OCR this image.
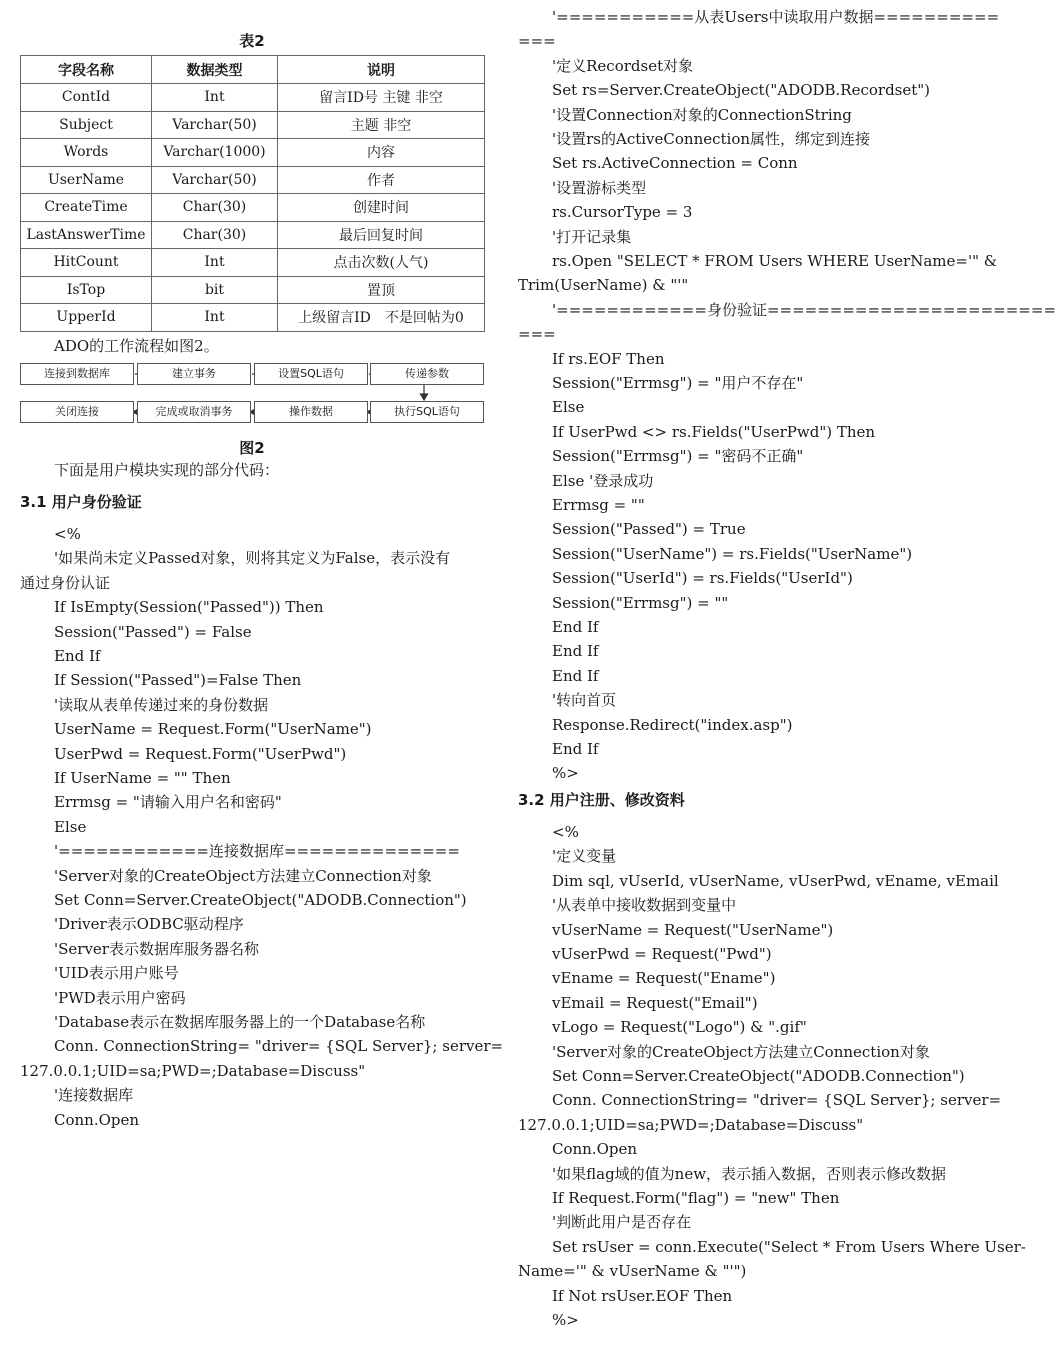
表2
字段名称	数据类型	说明
ContId	Int	留言ID号 主键 非空
Subject	Varchar(50)	主题 非空
Words	Varchar(1000)	内容
UserName	Varchar(50)	作者
CreateTime	Char(30)	创建时间
LastAnswerTime	Char(30)	最后回复时间
HitCount	Int	点击次数(人气)
IsTop	bit	置顶
UpperId	Int	上级留言ID　不是回帖为0
ADO的工作流程如图2。
连接到数据库	建立事务	设置SQL语句	传递参数
关闭连接	完成或取消事务	操作数据	执行SQL语句
图2
下面是用户模块实现的部分代码：
3.1 用户身份验证
<%
'如果尚未定义Passed对象，则将其定义为False，表示没有
通过身份认证
If IsEmpty(Session("Passed")) Then
Session("Passed") = False
End If
If Session("Passed")=False Then
'读取从表单传递过来的身份数据
UserName = Request.Form("UserName")
UserPwd = Request.Form("UserPwd")
If UserName = "" Then
Errmsg = "请输入用户名和密码"
Else
'============连接数据库==============
'Server对象的CreateObject方法建立Connection对象
Set Conn=Server.CreateObject("ADODB.Connection")
'Driver表示ODBC驱动程序
'Server表示数据库服务器名称
'UID表示用户账号
'PWD表示用户密码
'Database表示在数据库服务器上的一个Database名称
Conn. ConnectionString= "driver= {SQL Server}; server=
127.0.0.1;UID=sa;PWD=;Database=Discuss"
'连接数据库
Conn.Open
'===========从表Users中读取用户数据==========
===
'定义Recordset对象
Set rs=Server.CreateObject("ADODB.Recordset")
'设置Connection对象的ConnectionString
'设置rs的ActiveConnection属性，绑定到连接
Set rs.ActiveConnection = Conn
'设置游标类型
rs.CursorType = 3
'打开记录集
rs.Open "SELECT * FROM Users WHERE UserName='" &
Trim(UserName) & "'"
'============身份验证=======================
===
If rs.EOF Then
Session("Errmsg") = "用户不存在"
Else
If UserPwd <> rs.Fields("UserPwd") Then
Session("Errmsg") = "密码不正确"
Else '登录成功
Errmsg = ""
Session("Passed") = True
Session("UserName") = rs.Fields("UserName")
Session("UserId") = rs.Fields("UserId")
Session("Errmsg") = ""
End If
End If
End If
'转向首页
Response.Redirect("index.asp")
End If
%>
3.2 用户注册、修改资料
<%
'定义变量
Dim sql, vUserId, vUserName, vUserPwd, vEname, vEmail
'从表单中接收数据到变量中
vUserName = Request("UserName")
vUserPwd = Request("Pwd")
vEname = Request("Ename")
vEmail = Request("Email")
vLogo = Request("Logo") & ".gif"
'Server对象的CreateObject方法建立Connection对象
Set Conn=Server.CreateObject("ADODB.Connection")
Conn. ConnectionString= "driver= {SQL Server}; server=
127.0.0.1;UID=sa;PWD=;Database=Discuss"
Conn.Open
'如果flag域的值为new，表示插入数据，否则表示修改数据
If Request.Form("flag") = "new" Then
'判断此用户是否存在
Set rsUser = conn.Execute("Select * From Users Where User-
Name='" & vUserName & "'")
If Not rsUser.EOF Then
%>
